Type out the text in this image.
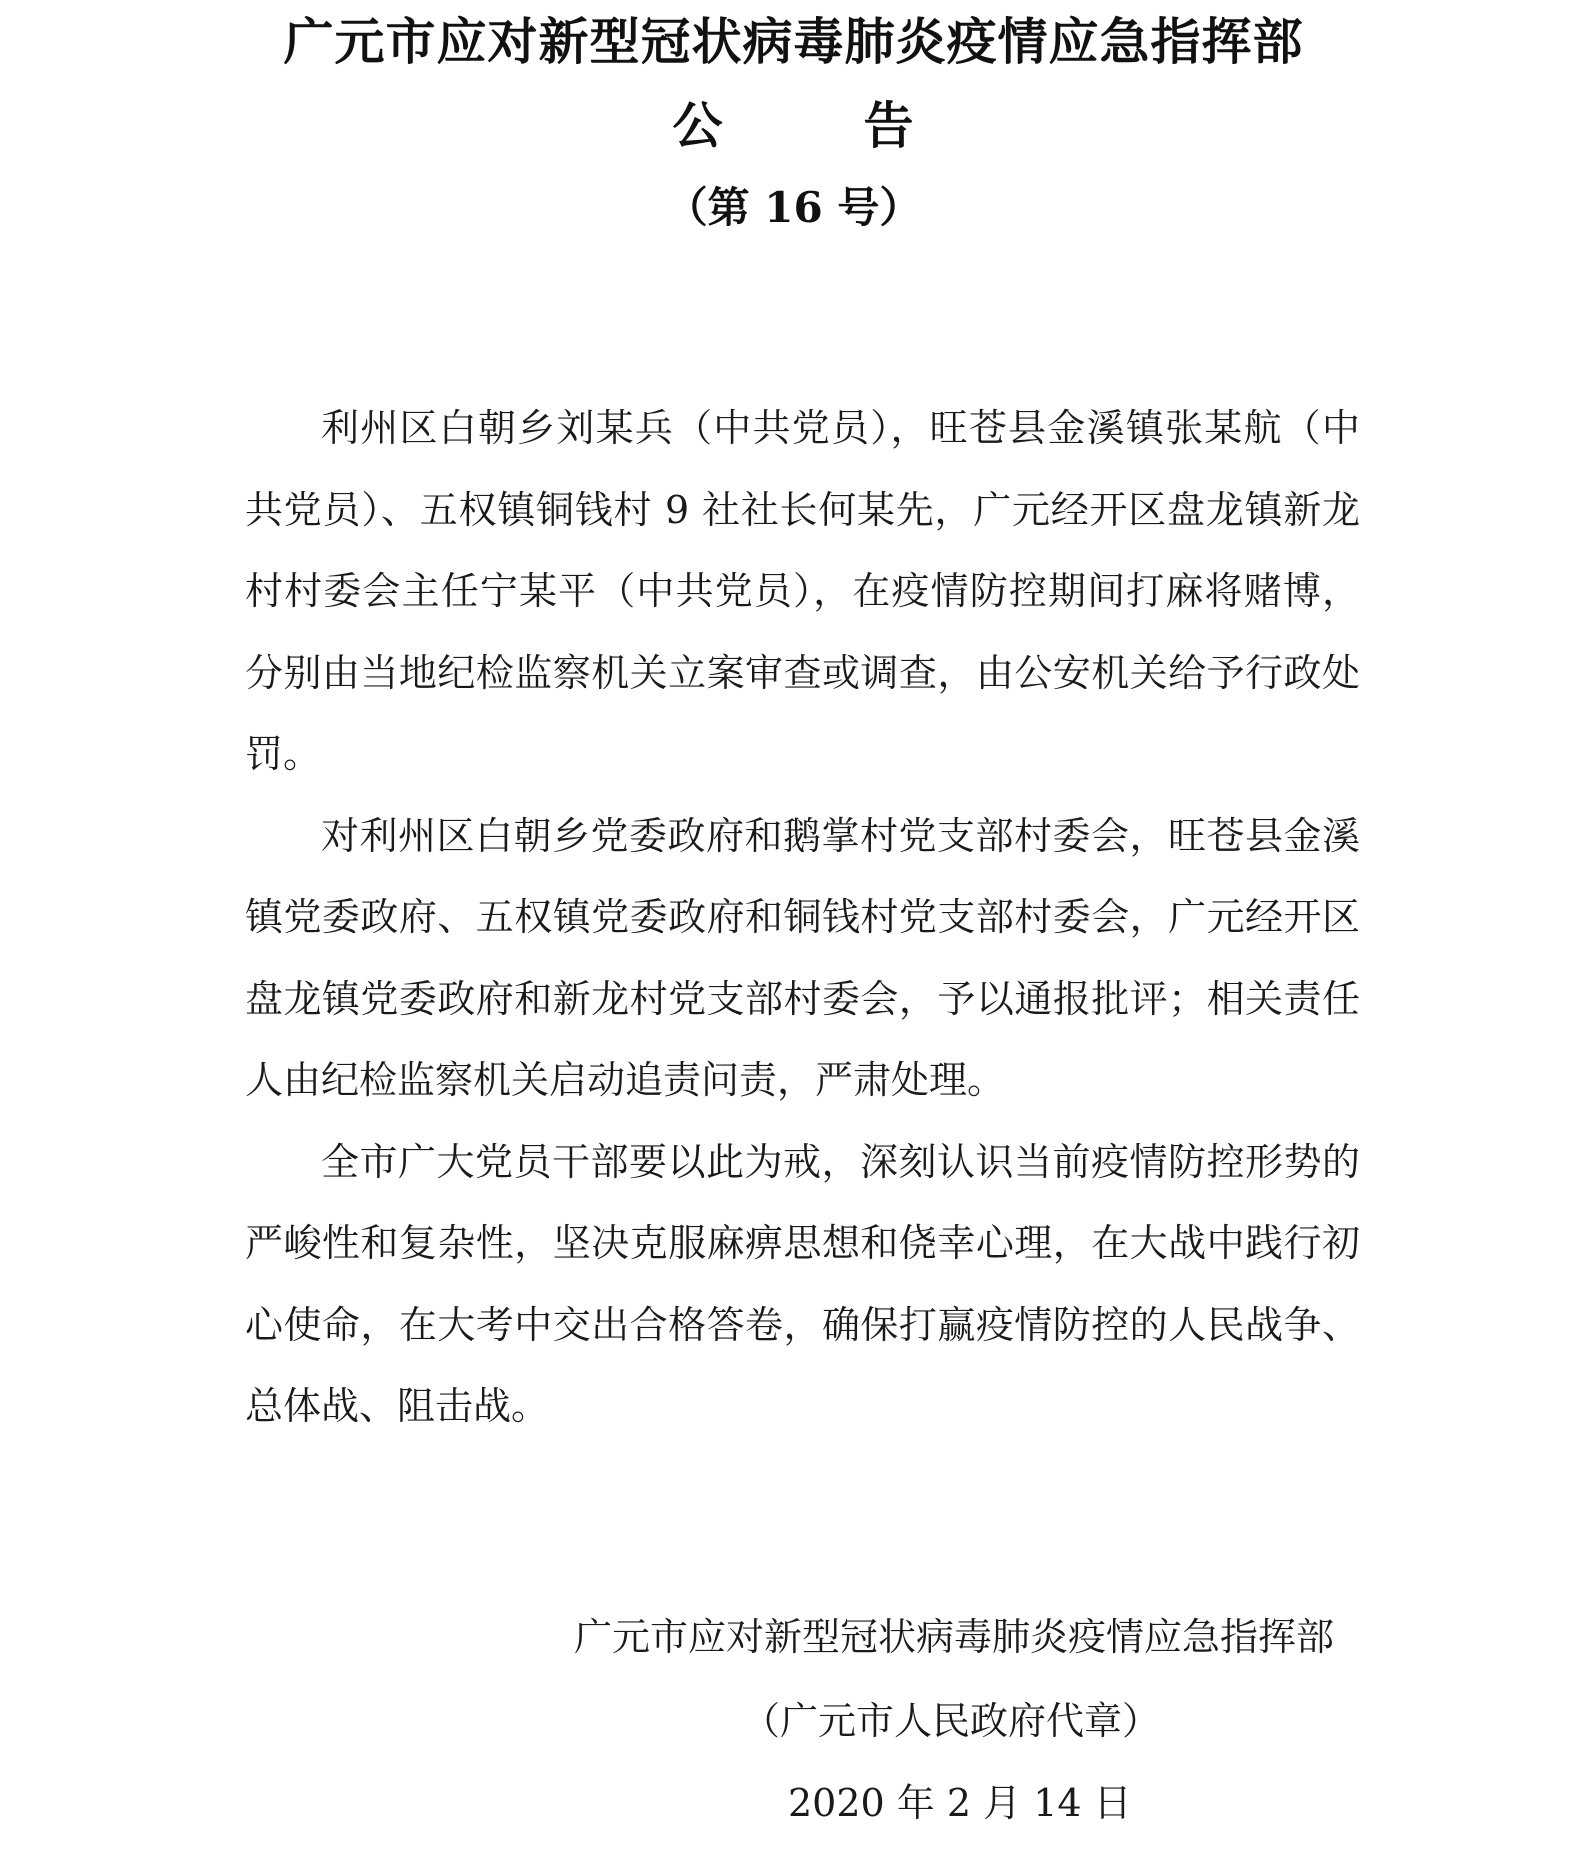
广元市应对新型冠状病毒肺炎疫情应急指挥部
公	告
（第 16 号）

利州区白朝乡刘某兵（中共党员），旺苍县金溪镇张某航（中共党员）、五权镇铜钱村 9 社社长何某先，广元经开区盘龙镇新龙村村委会主任宁某平（中共党员），在疫情防控期间打麻将赌博，分别由当地纪检监察机关立案审查或调查，由公安机关给予行政处罚。

对利州区白朝乡党委政府和鹅掌村党支部村委会，旺苍县金溪镇党委政府、五权镇党委政府和铜钱村党支部村委会，广元经开区盘龙镇党委政府和新龙村党支部村委会，予以通报批评；相关责任人由纪检监察机关启动追责问责，严肃处理。

全市广大党员干部要以此为戒，深刻认识当前疫情防控形势的严峻性和复杂性，坚决克服麻痹思想和侥幸心理，在大战中践行初心使命，在大考中交出合格答卷，确保打赢疫情防控的人民战争、总体战、阻击战。

广元市应对新型冠状病毒肺炎疫情应急指挥部
（广元市人民政府代章）
2020 年 2 月 14 日
